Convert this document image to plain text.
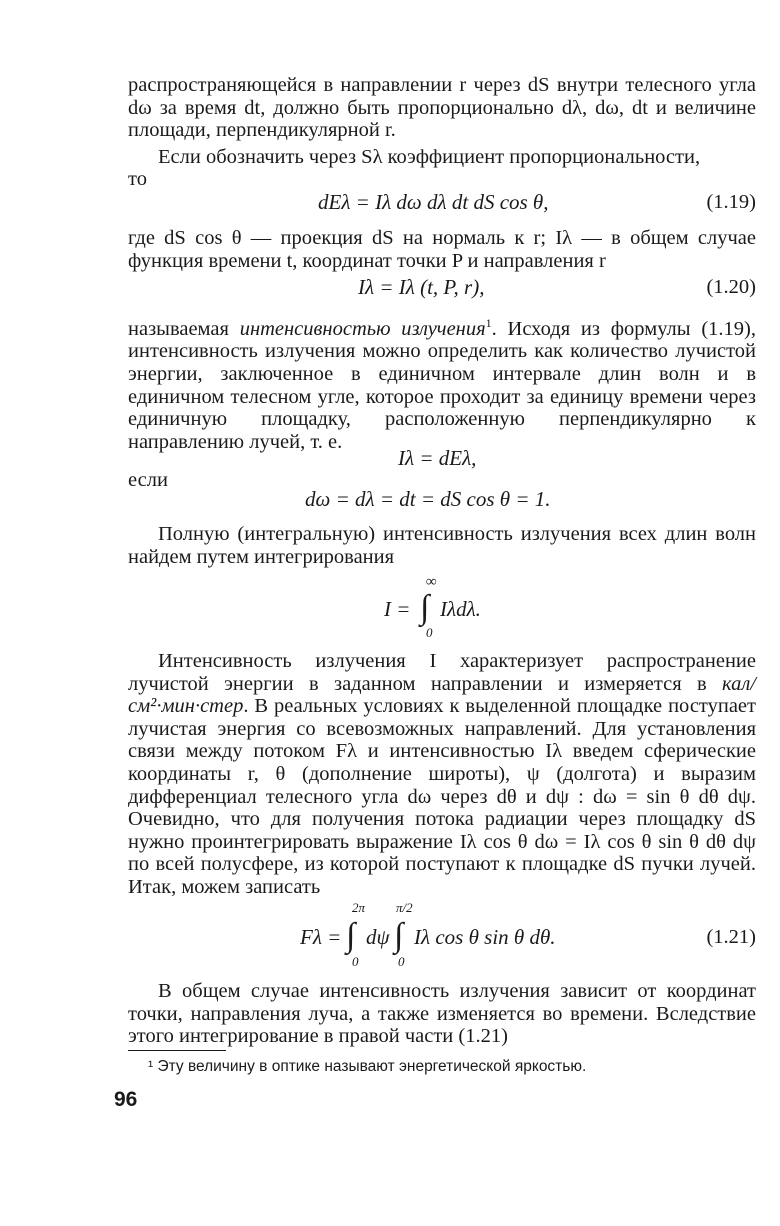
распространяющейся в направлении r через dS внутри телесного угла dω за время dt, должно быть пропорционально dλ, dω, dt и величине площади, перпендикулярной r.

Если обозначить через Sλ коэффициент пропорциональности,

то
dEλ = Iλ dω dλ dt dS cos θ,	(1.19)

где dS cos θ — проекция dS на нормаль к r; Iλ — в общем случае функция времени t, координат точки P и направления r

Iλ = Iλ (t, P, r),	(1.20)

называемая интенсивностью излучения$^1$. Исходя из формулы (1.19), интенсивность излучения можно определить как количество лучистой энергии, заключенное в единичном интервале длин волн и в единичном телесном угле, которое проходит за единицу времени через единичную площадку, расположенную перпендикулярно к направлению лучей, т. е.

Iλ = dEλ,
если
dω = dλ = dt = dS cos θ = 1.

Полную (интегральную) интенсивность излучения всех длин волн найдем путем интегрирования

I =
∞
∫
0
Iλdλ.

Интенсивность излучения I характеризует распространение лучистой энергии в заданном направлении и измеряется в кал/см²·мин·стер. В реальных условиях к выделенной площадке поступает лучистая энергия со всевозможных направлений. Для установления связи между потоком Fλ и интенсивностью Iλ введем сферические координаты r, θ (дополнение широты), ψ (долгота) и выразим дифференциал телесного угла dω через dθ и dψ : dω = sin θ dθ dψ. Очевидно, что для получения потока радиации через площадку dS нужно проинтегрировать выражение Iλ cos θ dω = Iλ cos θ sin θ dθ dψ по всей полусфере, из которой поступают к площадке dS пучки лучей. Итак, можем записать

Fλ =
2π
∫
0
dψ
π/2
∫
0
Iλ cos θ sin θ dθ.	(1.21)

В общем случае интенсивность излучения зависит от координат точки, направления луча, а также изменяется во времени. Вследствие этого интегрирование в правой части (1.21)

¹ Эту величину в оптике называют энергетической яркостью.
96
